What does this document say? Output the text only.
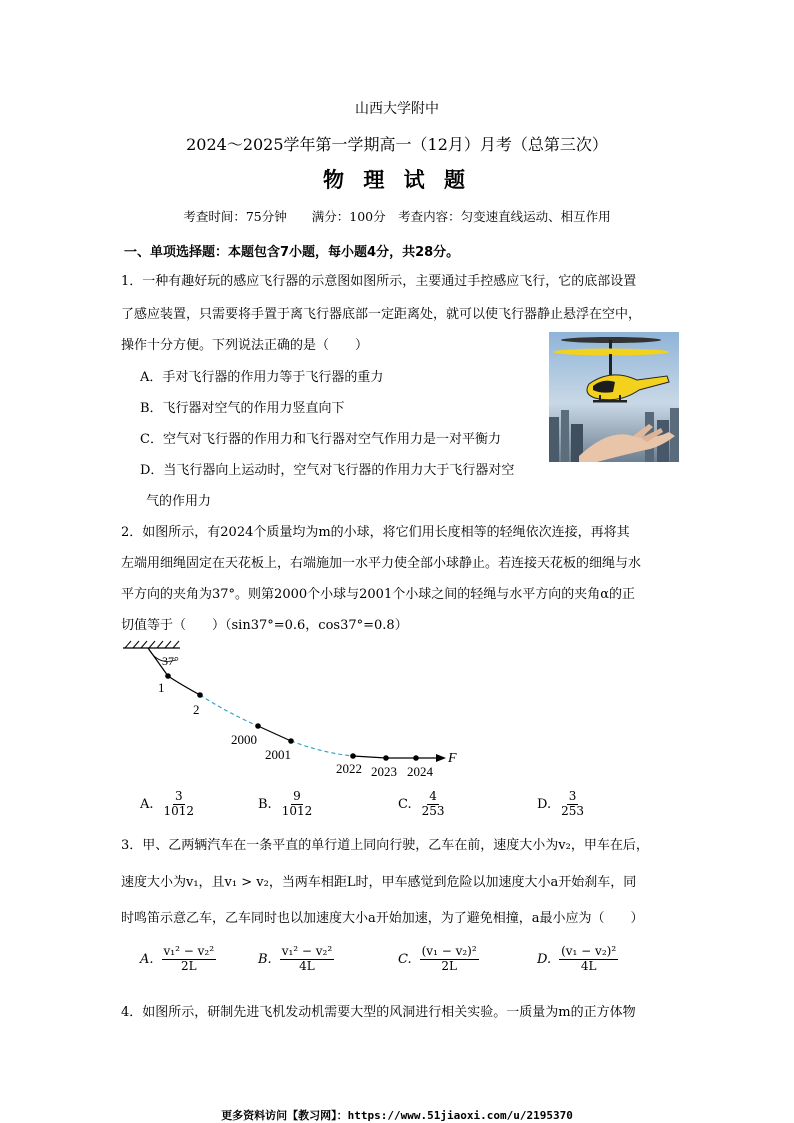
山西大学附中
2024～2025学年第一学期高一（12月）月考（总第三次）
物 理 试 题
考查时间：75分钟　　满分：100分　考查内容：匀变速直线运动、相互作用
一、单项选择题：本题包含7小题，每小题4分，共28分。
1．一种有趣好玩的感应飞行器的示意图如图所示，主要通过手控感应飞行，它的底部设置
了感应装置，只需要将手置于离飞行器底部一定距离处，就可以使飞行器静止悬浮在空中，
操作十分方便。下列说法正确的是（　　）
A．手对飞行器的作用力等于飞行器的重力
B．飞行器对空气的作用力竖直向下
C．空气对飞行器的作用力和飞行器对空气作用力是一对平衡力
D．当飞行器向上运动时，空气对飞行器的作用力大于飞行器对空
气的作用力
2．如图所示，有2024个质量均为m的小球，将它们用长度相等的轻绳依次连接，再将其
左端用细绳固定在天花板上，右端施加一水平力使全部小球静止。若连接天花板的细绳与水
平方向的夹角为37°。则第2000个小球与2001个小球之间的轻绳与水平方向的夹角α的正
切值等于（　　）（sin37°=0.6，cos37°=0.8）
37°
1
2
2000
2001
2022 2023 2024
F
A. $\frac{3}{1012}$	B. $\frac{9}{1012}$	C. $\frac{4}{253}$	D. $\frac{3}{253}$
3．甲、乙两辆汽车在一条平直的单行道上同向行驶，乙车在前，速度大小为v₂，甲车在后，
速度大小为v₁，且v₁ > v₂，当两车相距L时，甲车感觉到危险以加速度大小a开始刹车，同
时鸣笛示意乙车，乙车同时也以加速度大小a开始加速，为了避免相撞，a最小应为（　　）
A. $\frac{\text{v₁² − v₂²}}{2L}$	B. $\frac{\text{v₁² − v₂²}}{4L}$	C. $\frac{\text{(v₁ − v₂)²}}{2L}$	D. $\frac{\text{(v₁ − v₂)²}}{4L}$
4．如图所示，研制先进飞机发动机需要大型的风洞进行相关实验。一质量为m的正方体物
更多资料访问【教习网】：https://www.51jiaoxi.com/u/2195370
